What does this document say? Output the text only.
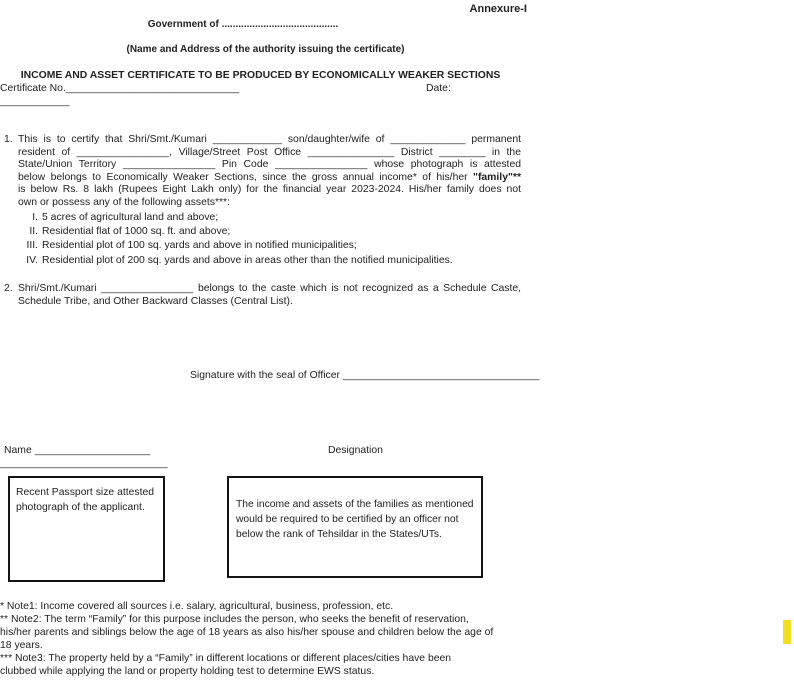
Annexure-I
Government of ..........................................
(Name and Address of the authority issuing the certificate)
INCOME AND ASSET CERTIFICATE TO BE PRODUCED BY ECONOMICALLY WEAKER SECTIONS
Certificate No.______________________________	Date:
____________
1. This is to certify that Shri/Smt./Kumari ____________ son/daughter/wife of _____________ permanent
resident of ________________, Village/Street Post Office _______________ District ________ in the
State/Union Territory ________________ Pin Code ________________ whose photograph is attested
below belongs to Economically Weaker Sections, since the gross annual income* of his/her "family"**
is below Rs. 8 lakh (Rupees Eight Lakh only) for the financial year 2023-2024. His/her family does not
own or possess any of the following assets***:
I. 5 acres of agricultural land and above;
II. Residential flat of 1000 sq. ft. and above;
III. Residential plot of 100 sq. yards and above in notified municipalities;
IV. Residential plot of 200 sq. yards and above in areas other than the notified municipalities.
2. Shri/Smt./Kumari ________________ belongs to the caste which is not recognized as a Schedule Caste,
Schedule Tribe, and Other Backward Classes (Central List).
Signature with the seal of Officer __________________________________
Name ____________________	Designation
_____________________________
Recent Passport size attested
photograph of the applicant.	The income and assets of the families as mentioned
would be required to be certified by an officer not
below the rank of Tehsildar in the States/UTs.
* Note1: Income covered all sources i.e. salary, agricultural, business, profession, etc.
** Note2: The term “Family” for this purpose includes the person, who seeks the benefit of reservation,
his/her parents and siblings below the age of 18 years as also his/her spouse and children below the age of
18 years.
*** Note3: The property held by a “Family” in different locations or different places/cities have been
clubbed while applying the land or property holding test to determine EWS status.
